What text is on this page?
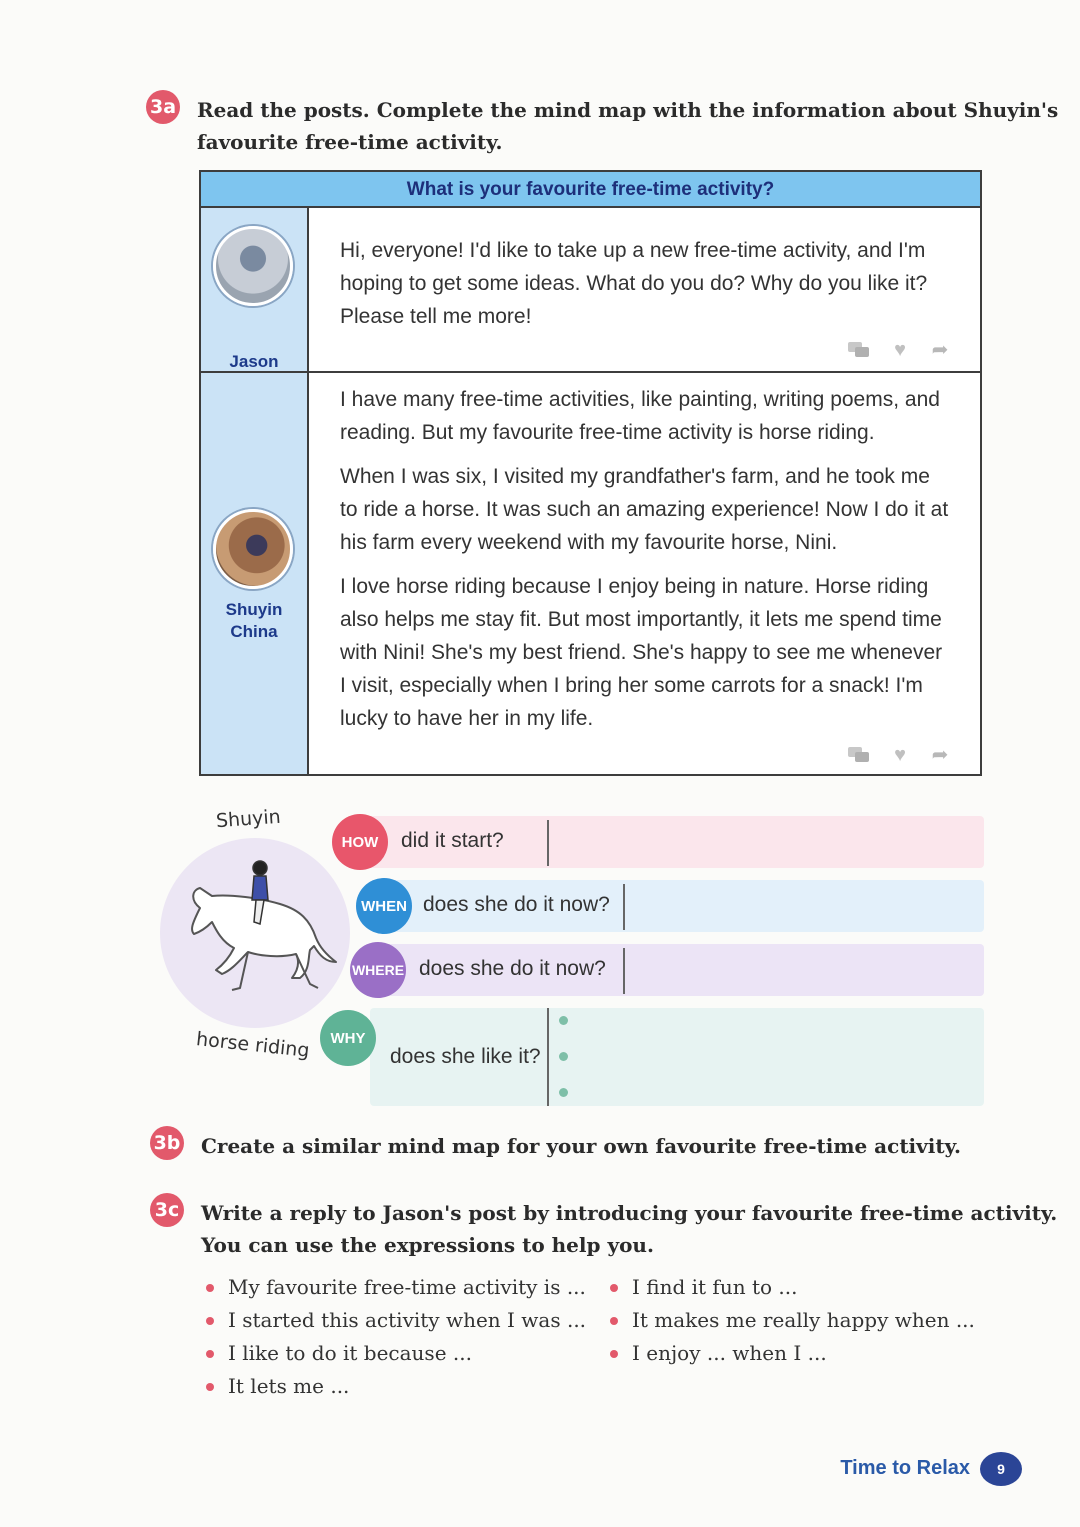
3a Read the posts. Complete the mind map with the information about Shuyin's
favourite free-time activity.
What is your favourite free-time activity?
Jason

Hi, everyone! I'd like to take up a new free-time activity, and I'm hoping to get some ideas. What do you do? Why do you like it? Please tell me more!

♥	➦
Shuyin
China

I have many free-time activities, like painting, writing poems, and reading. But my favourite free-time activity is horse riding.

When I was six, I visited my grandfather's farm, and he took me to ride a horse. It was such an amazing experience! Now I do it at his farm every weekend with my favourite horse, Nini.

I love horse riding because I enjoy being in nature. Horse riding also helps me stay fit. But most importantly, it lets me spend time with Nini! She's my best friend. She's happy to see me whenever I visit, especially when I bring her some carrots for a snack! I'm lucky to have her in my life.

♥	➦
Shuyin
horse riding
did it start?
HOW
does she do it now?
WHEN
does she do it now?
WHERE
does she like it?
WHY
3b Create a similar mind map for your own favourite free-time activity.
3c Write a reply to Jason's post by introducing your favourite free-time activity.
You can use the expressions to help you.
My favourite free-time activity is ...
I started this activity when I was ...
I like to do it because ...
It lets me ...
I find it fun to ...
It makes me really happy when ...
I enjoy ... when I ...
Time to Relax	9
